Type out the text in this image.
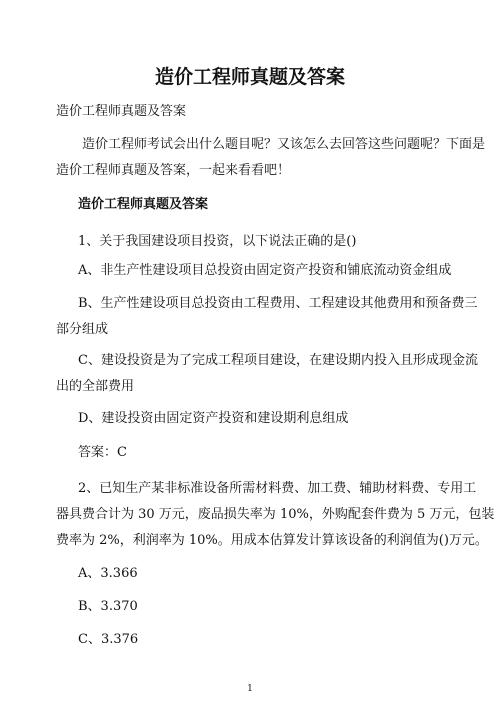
造价工程师真题及答案
造价工程师真题及答案
　　造价工程师考试会出什么题目呢？又该怎么去回答这些问题呢？下面是
造价工程师真题及答案，一起来看看吧！
造价工程师真题及答案
1、关于我国建设项目投资，以下说法正确的是()
A、非生产性建设项目总投资由固定资产投资和铺底流动资金组成
B、生产性建设项目总投资由工程费用、工程建设其他费用和预备费三
部分组成
C、建设投资是为了完成工程项目建设，在建设期内投入且形成现金流
出的全部费用
D、建设投资由固定资产投资和建设期利息组成
答案：C
2、已知生产某非标准设备所需材料费、加工费、辅助材料费、专用工
器具费合计为 30 万元，废品损失率为 10%，外购配套件费为 5 万元，包装
费率为 2%，利润率为 10%。用成本估算发计算该设备的利润值为()万元。
A、3.366
B、3.370
C、3.376
1
